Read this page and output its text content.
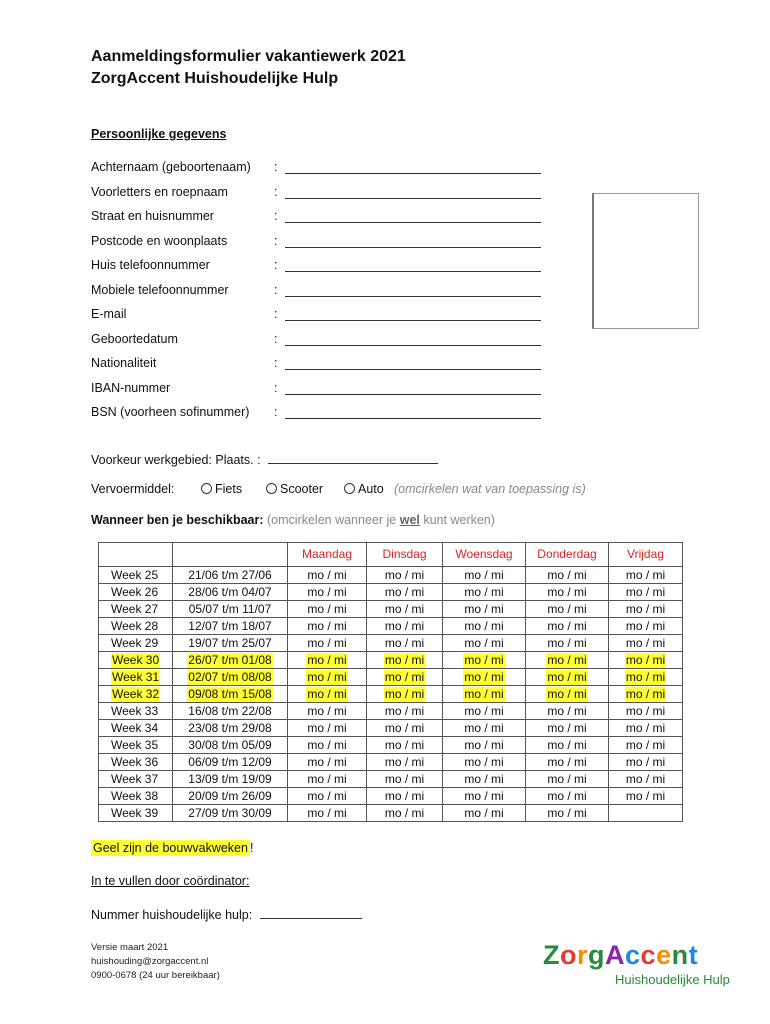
Aanmeldingsformulier vakantiewerk 2021
ZorgAccent Huishoudelijke Hulp
Persoonlijke gegevens
Achternaam (geboortenaam) :
Voorletters en roepnaam	:
Straat en huisnummer	:
Postcode en woonplaats	:
Huis telefoonnummer	:
Mobiele telefoonnummer	:
E-mail	:
Geboortedatum	:
Nationaliteit	:
IBAN-nummer	:
BSN (voorheen sofinummer) :
Voorkeur werkgebied: Plaats. :
Vervoermiddel:	Fiets	Scooter	Auto (omcirkelen wat van toepassing is)
Wanneer ben je beschikbaar: (omcirkelen wanneer je wel kunt werken)
		Maandag	Dinsdag	Woensdag	Donderdag	Vrijdag
Week 25	21/06 t/m 27/06	mo / mi	mo / mi	mo / mi	mo / mi	mo / mi
Week 26	28/06 t/m 04/07	mo / mi	mo / mi	mo / mi	mo / mi	mo / mi
Week 27	05/07 t/m 11/07	mo / mi	mo / mi	mo / mi	mo / mi	mo / mi
Week 28	12/07 t/m 18/07	mo / mi	mo / mi	mo / mi	mo / mi	mo / mi
Week 29	19/07 t/m 25/07	mo / mi	mo / mi	mo / mi	mo / mi	mo / mi
Week 30	26/07 t/m 01/08	mo / mi	mo / mi	mo / mi	mo / mi	mo / mi
Week 31	02/07 t/m 08/08	mo / mi	mo / mi	mo / mi	mo / mi	mo / mi
Week 32	09/08 t/m 15/08	mo / mi	mo / mi	mo / mi	mo / mi	mo / mi
Week 33	16/08 t/m 22/08	mo / mi	mo / mi	mo / mi	mo / mi	mo / mi
Week 34	23/08 t/m 29/08	mo / mi	mo / mi	mo / mi	mo / mi	mo / mi
Week 35	30/08 t/m 05/09	mo / mi	mo / mi	mo / mi	mo / mi	mo / mi
Week 36	06/09 t/m 12/09	mo / mi	mo / mi	mo / mi	mo / mi	mo / mi
Week 37	13/09 t/m 19/09	mo / mi	mo / mi	mo / mi	mo / mi	mo / mi
Week 38	20/09 t/m 26/09	mo / mi	mo / mi	mo / mi	mo / mi	mo / mi
Week 39	27/09 t/m 30/09	mo / mi	mo / mi	mo / mi	mo / mi	
Geel zijn de bouwvakweken !
In te vullen door coördinator:
Nummer huishoudelijke hulp:
Versie maart 2021
huishouding@zorgaccent.nl
0900-0678 (24 uur bereikbaar)
ZorgAccent
Huishoudelijke Hulp
